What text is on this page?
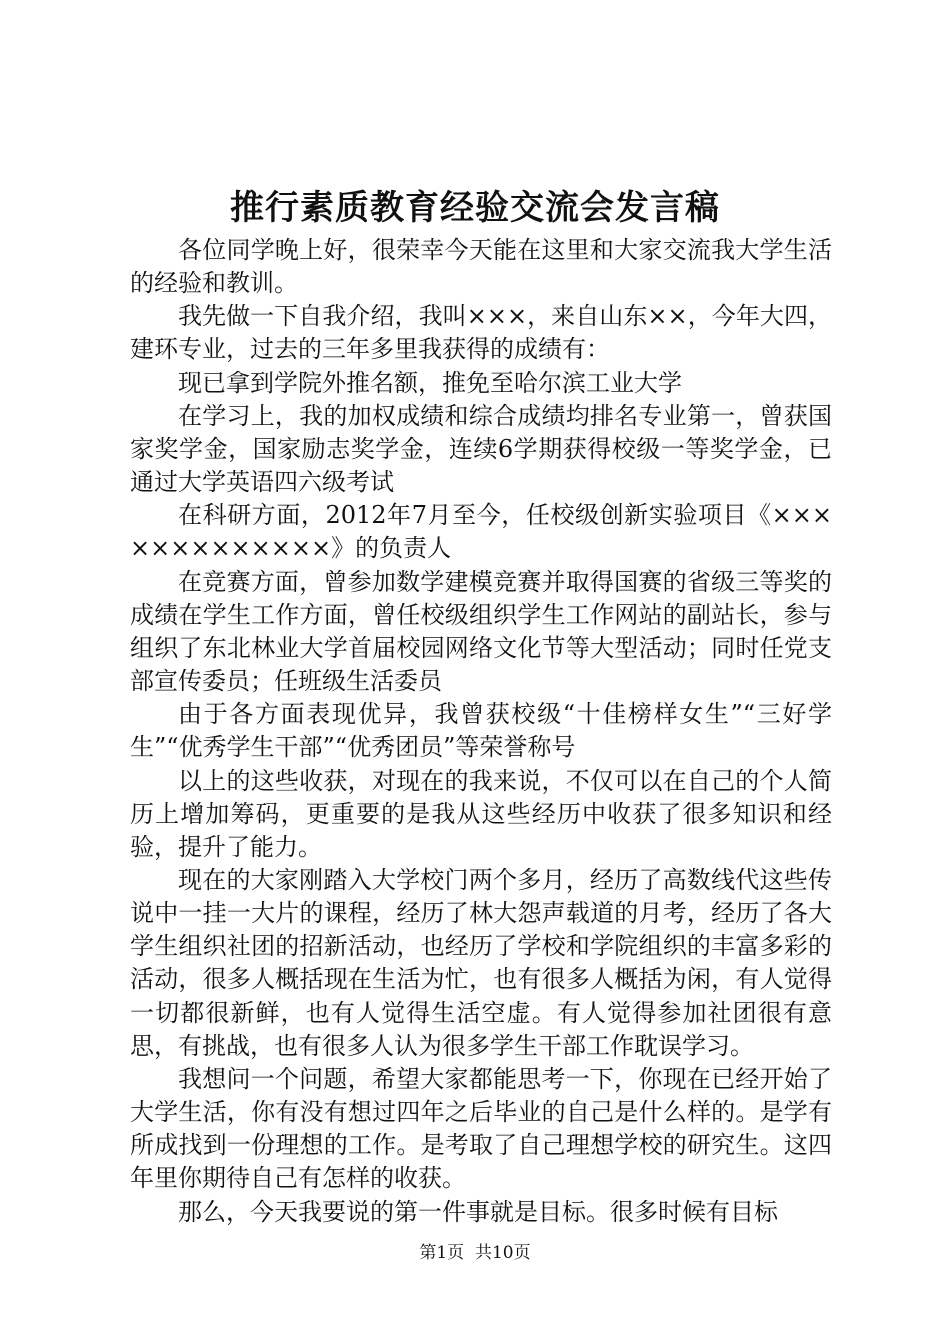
推行素质教育经验交流会发言稿

各位同学晚上好，很荣幸今天能在这里和大家交流我大学生活的经验和教训。

我先做一下自我介绍，我叫×××，来自山东××，今年大四，建环专业，过去的三年多里我获得的成绩有：

现已拿到学院外推名额，推免至哈尔滨工业大学

在学习上，我的加权成绩和综合成绩均排名专业第一，曾获国家奖学金，国家励志奖学金，连续6学期获得校级一等奖学金，已通过大学英语四六级考试

在科研方面，2012年7月至今，任校级创新实验项目《×××××××××××××》的负责人

在竞赛方面，曾参加数学建模竞赛并取得国赛的省级三等奖的成绩在学生工作方面，曾任校级组织学生工作网站的副站长，参与组织了东北林业大学首届校园网络文化节等大型活动；同时任党支部宣传委员；任班级生活委员

由于各方面表现优异，我曾获校级“十佳榜样女生”“三好学生”“优秀学生干部”“优秀团员”等荣誉称号

以上的这些收获，对现在的我来说，不仅可以在自己的个人简历上增加筹码，更重要的是我从这些经历中收获了很多知识和经验，提升了能力。

现在的大家刚踏入大学校门两个多月，经历了高数线代这些传说中一挂一大片的课程，经历了林大怨声载道的月考，经历了各大学生组织社团的招新活动，也经历了学校和学院组织的丰富多彩的活动，很多人概括现在生活为忙，也有很多人概括为闲，有人觉得一切都很新鲜，也有人觉得生活空虚。有人觉得参加社团很有意思，有挑战，也有很多人认为很多学生干部工作耽误学习。

我想问一个问题，希望大家都能思考一下，你现在已经开始了大学生活，你有没有想过四年之后毕业的自己是什么样的。是学有所成找到一份理想的工作。是考取了自己理想学校的研究生。这四年里你期待自己有怎样的收获。

那么，今天我要说的第一件事就是目标。很多时候有目标

第1页  共10页
